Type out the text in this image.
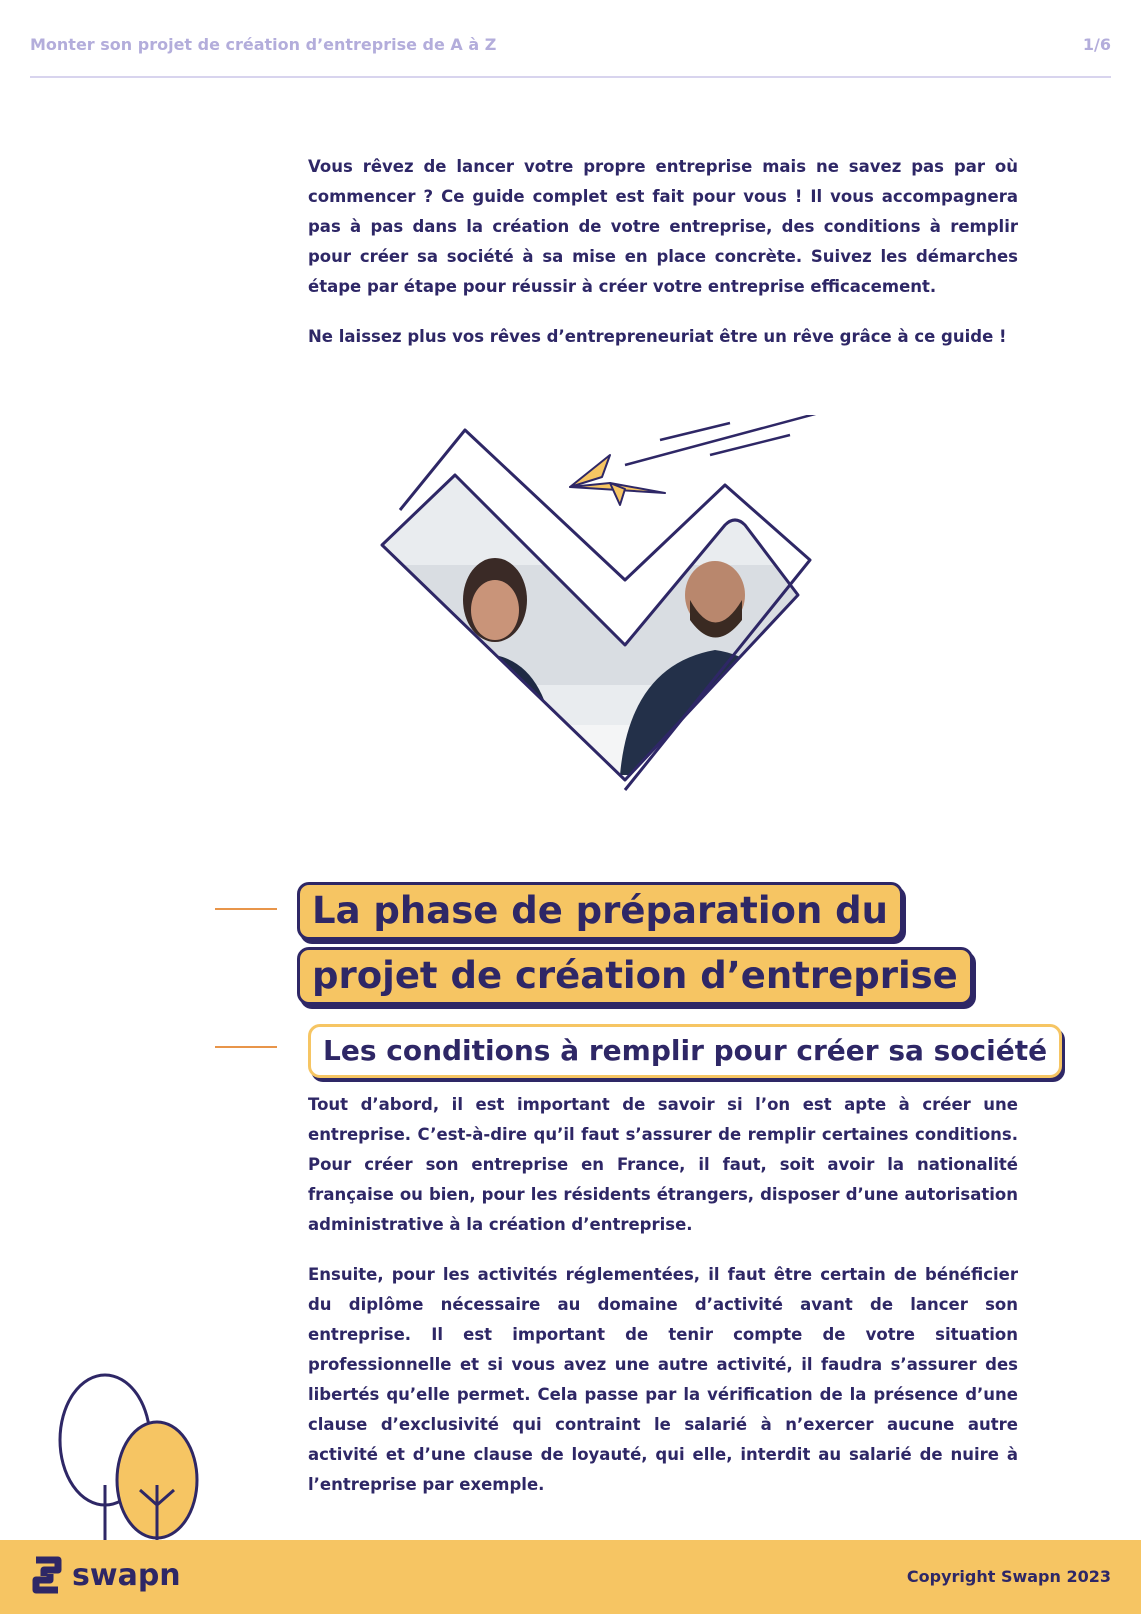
Monter son projet de création d’entreprise de A à Z	1/6

Vous rêvez de lancer votre propre entreprise mais ne savez pas par où commencer ? Ce guide complet est fait pour vous ! Il vous accompagnera pas à pas dans la création de votre entreprise, des conditions à remplir pour créer sa société à sa mise en place concrète. Suivez les démarches étape par étape pour réussir à créer votre entreprise efficacement.

Ne laissez plus vos rêves d’entrepreneuriat être un rêve grâce à ce guide !

La phase de préparation du
projet de création d’entreprise
Les conditions à remplir pour créer sa société

Tout d’abord, il est important de savoir si l’on est apte à créer une entreprise. C’est-à-dire qu’il faut s’assurer de remplir certaines conditions. Pour créer son entreprise en France, il faut, soit avoir la nationalité française ou bien, pour les résidents étrangers, disposer d’une autorisation administrative à la création d’entreprise.

Ensuite, pour les activités réglementées, il faut être certain de bénéficier du diplôme nécessaire au domaine d’activité avant de lancer son entreprise. Il est important de tenir compte de votre situation professionnelle et si vous avez une autre activité, il faudra s’assurer des libertés qu’elle permet. Cela passe par la vérification de la présence d’une clause d’exclusivité qui contraint le salarié à n’exercer aucune autre activité et d’une clause de loyauté, qui elle, interdit au salarié de nuire à l’entreprise par exemple.

swapn	Copyright Swapn 2023
